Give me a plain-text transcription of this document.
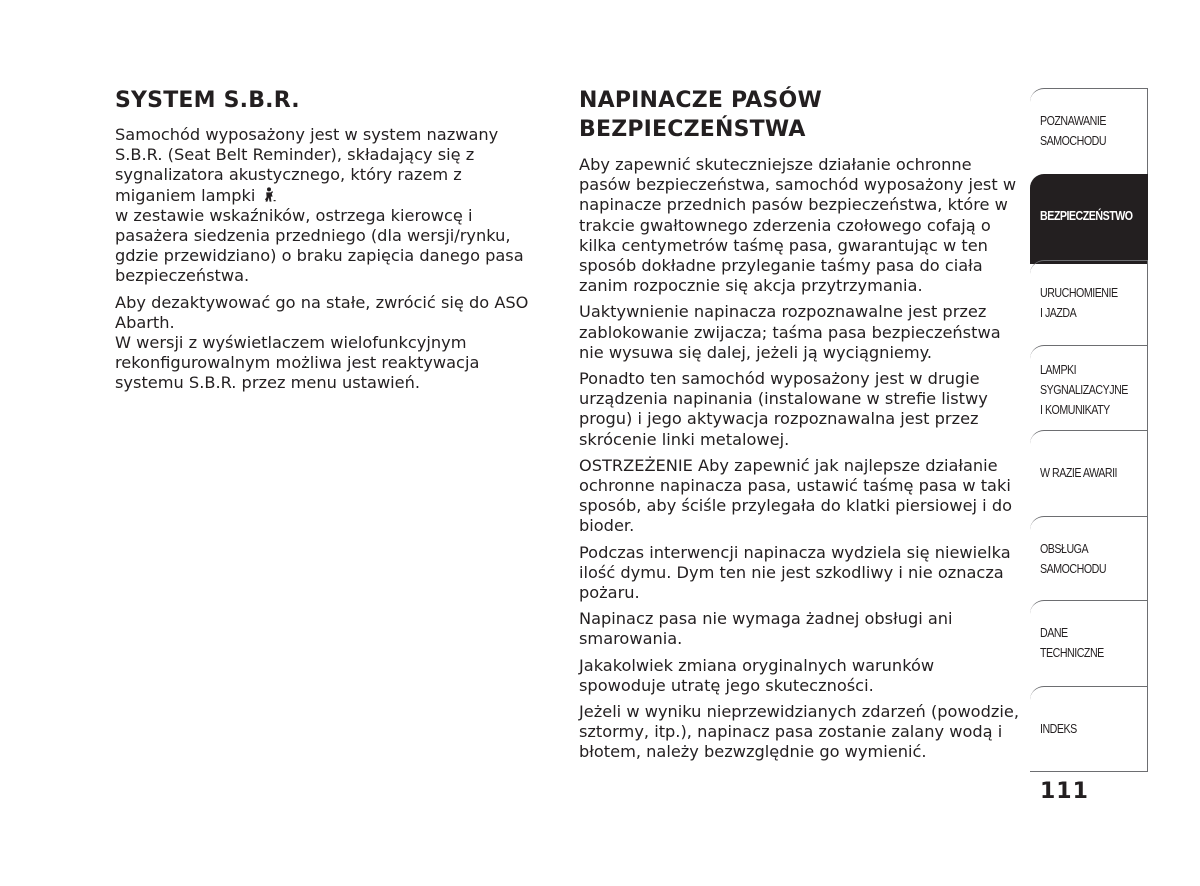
SYSTEM S.B.R.

Samochód wyposażony jest w system nazwany S.B.R. (Seat Belt Reminder), składający się z sygnalizatora akustycznego, który razem z miganiem lampki
w zestawie wskaźników, ostrzega kierowcę i pasażera siedzenia przedniego (dla wersji/rynku, gdzie przewidziano) o braku zapięcia danego pasa bezpieczeństwa.

Aby dezaktywować go na stałe, zwrócić się do ASO Abarth.

W wersji z wyświetlaczem wielofunkcyjnym rekonfigurowalnym możliwa jest reaktywacja systemu S.B.R. przez menu ustawień.

NAPINACZE PASÓW
BEZPIECZEŃSTWA

Aby zapewnić skuteczniejsze działanie ochronne pasów bezpieczeństwa, samochód wyposażony jest w napinacze przednich pasów bezpieczeństwa, które w trakcie gwałtownego zderzenia czołowego cofają o kilka centymetrów taśmę pasa, gwarantując w ten sposób dokładne przyleganie taśmy pasa do ciała zanim rozpocznie się akcja przytrzymania.

Uaktywnienie napinacza rozpoznawalne jest przez zablokowanie zwijacza; taśma pasa bezpieczeństwa nie wysuwa się dalej, jeżeli ją wyciągniemy.

Ponadto ten samochód wyposażony jest w drugie urządzenia napinania (instalowane w strefie listwy progu) i jego aktywacja rozpoznawalna jest przez skrócenie linki metalowej.

OSTRZEŻENIE Aby zapewnić jak najlepsze działanie ochronne napinacza pasa, ustawić taśmę pasa w taki sposób, aby ściśle przylegała do klatki piersiowej i do bioder.

Podczas interwencji napinacza wydziela się niewielka ilość dymu. Dym ten nie jest szkodliwy i nie oznacza pożaru.

Napinacz pasa nie wymaga żadnej obsługi ani smarowania.

Jakakolwiek zmiana oryginalnych warunków spowoduje utratę jego skuteczności.

Jeżeli w wyniku nieprzewidzianych zdarzeń (powodzie, sztormy, itp.), napinacz pasa zostanie zalany wodą i błotem, należy bezwzględnie go wymienić.

POZNAWANIE
SAMOCHODU
BEZPIECZEŃSTWO
URUCHOMIENIE
I JAZDA
LAMPKI
SYGNALIZACYJNE
I KOMUNIKATY
W RAZIE AWARII
OBSŁUGA
SAMOCHODU
DANE
TECHNICZNE
INDEKS
111
